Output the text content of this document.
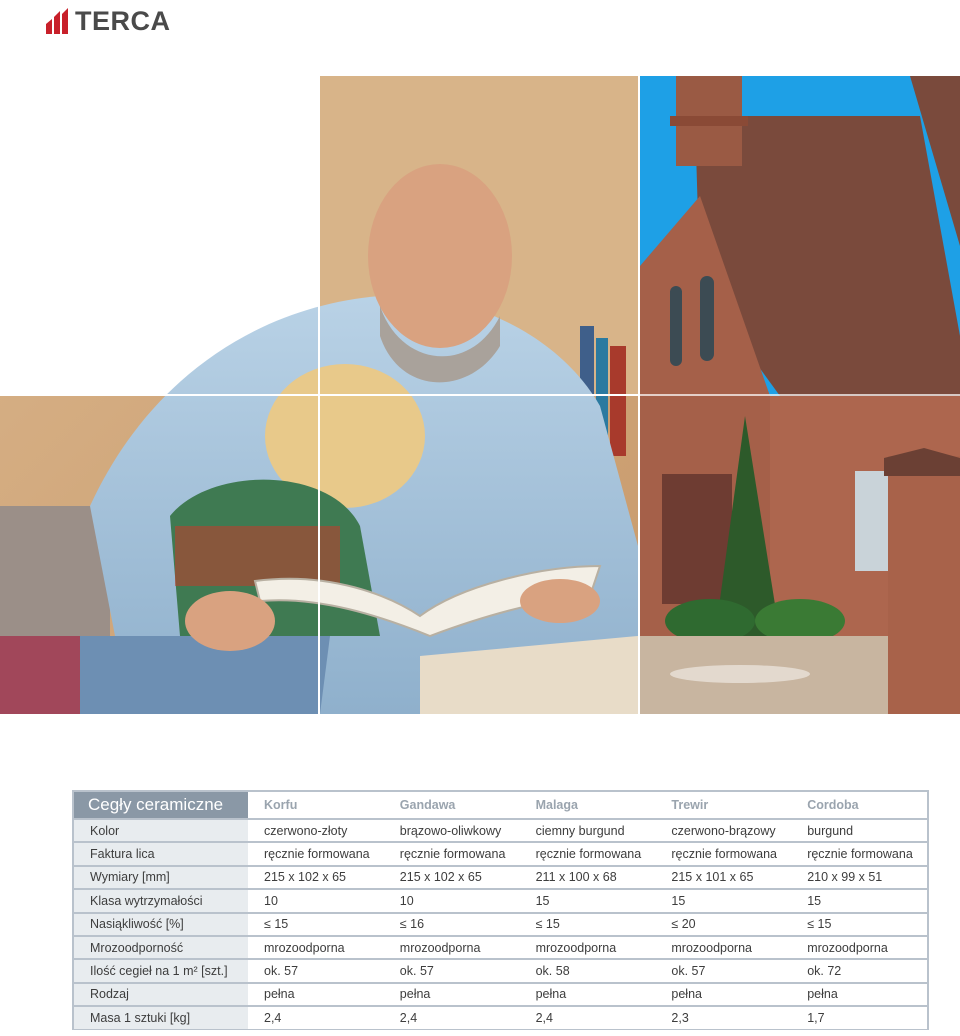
TERCA
Cegły ceramiczne	Korfu	Gandawa	Malaga	Trewir	Cordoba
Kolor	czerwono-złoty	brązowo-oliwkowy	ciemny burgund	czerwono-brązowy	burgund
Faktura lica	ręcznie formowana	ręcznie formowana	ręcznie formowana	ręcznie formowana	ręcznie formowana
Wymiary [mm]	215 x 102 x 65	215 x 102 x 65	211 x 100 x 68	215 x 101 x 65	210 x 99 x 51
Klasa wytrzymałości	10	10	15	15	15
Nasiąkliwość [%]	≤ 15	≤ 16	≤ 15	≤ 20	≤ 15
Mrozoodporność	mrozoodporna	mrozoodporna	mrozoodporna	mrozoodporna	mrozoodporna
Ilość cegieł na 1 m² [szt.]	ok. 57	ok. 57	ok. 58	ok. 57	ok. 72
Rodzaj	pełna	pełna	pełna	pełna	pełna
Masa 1 sztuki [kg]	2,4	2,4	2,4	2,3	1,7
